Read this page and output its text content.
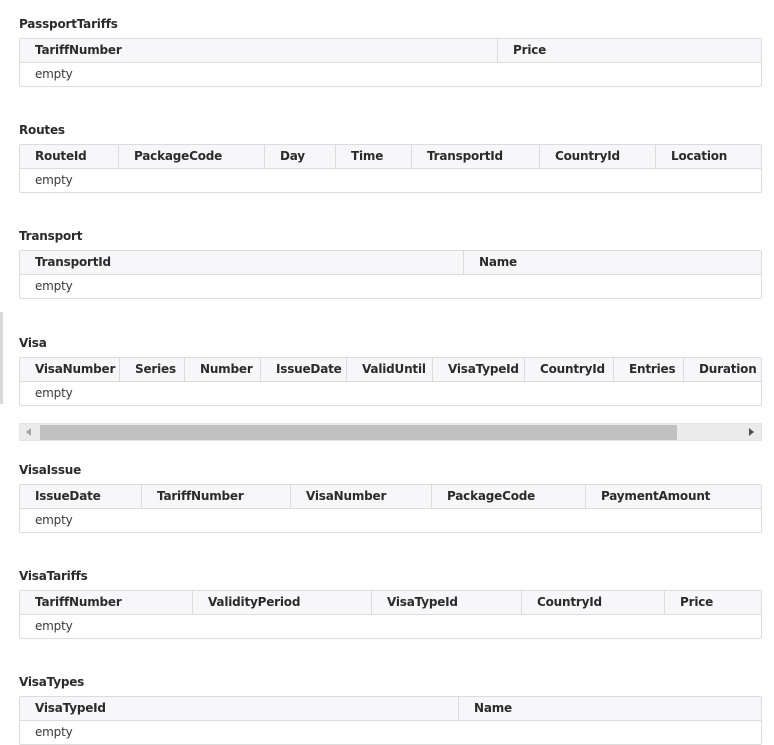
PassportTariffs
TariffNumber	Price
empty
Routes
RouteId	PackageCode	Day	Time	TransportId	CountryId	Location
empty
Transport
TransportId	Name
empty
Visa
VisaNumber	Series	Number	IssueDate	ValidUntil	VisaTypeId	CountryId	Entries	Duration
empty
VisaIssue
IssueDate	TariffNumber	VisaNumber	PackageCode	PaymentAmount
empty
VisaTariffs
TariffNumber	ValidityPeriod	VisaTypeId	CountryId	Price
empty
VisaTypes
VisaTypeId	Name
empty
